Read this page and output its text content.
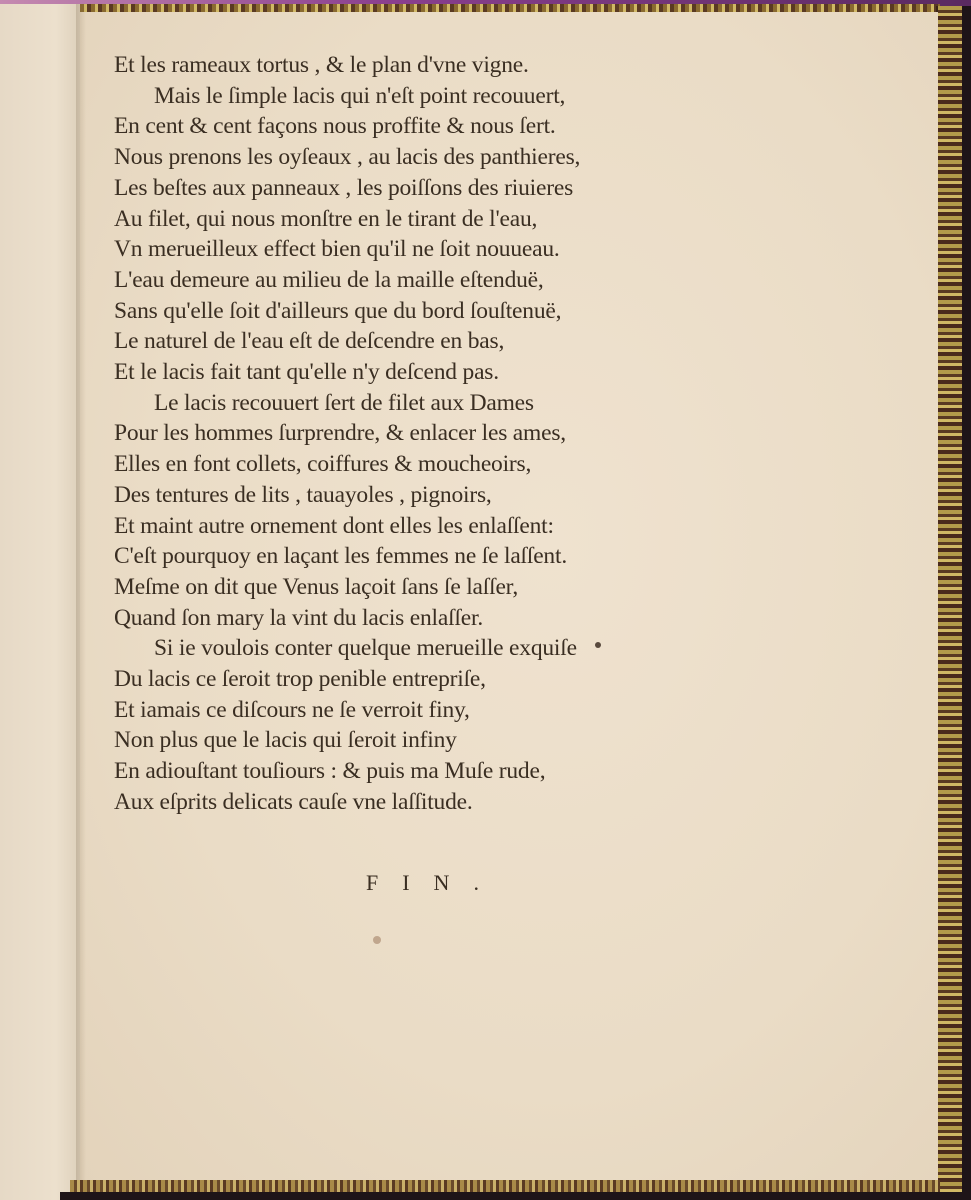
Et les rameaux tortus , & le plan d'vne vigne.
Mais le ſimple lacis qui n'eſt point recouuert,
En cent & cent façons nous proffite & nous ſert.
Nous prenons les oyſeaux , au lacis des panthieres,
Les beſtes aux panneaux , les poiſſons des riuieres
Au filet, qui nous monſtre en le tirant de l'eau,
Vn merueilleux effect bien qu'il ne ſoit nouueau.
L'eau demeure au milieu de la maille eſtenduë,
Sans qu'elle ſoit d'ailleurs que du bord ſouſtenuë,
Le naturel de l'eau eſt de deſcendre en bas,
Et le lacis fait tant qu'elle n'y deſcend pas.
Le lacis recouuert ſert de filet aux Dames
Pour les hommes ſurprendre, & enlacer les ames,
Elles en font collets, coiffures & moucheoirs,
Des tentures de lits , tauayoles , pignoirs,
Et maint autre ornement dont elles les enlaſſent:
C'eſt pourquoy en laçant les femmes ne ſe laſſent.
Meſme on dit que Venus laçoit ſans ſe laſſer,
Quand ſon mary la vint du lacis enlaſſer.
Si ie voulois conter quelque merueille exquiſe
Du lacis ce ſeroit trop penible entrepriſe,
Et iamais ce diſcours ne ſe verroit finy,
Non plus que le lacis qui ſeroit infiny
En adiouſtant touſiours : & puis ma Muſe rude,
Aux eſprits delicats cauſe vne laſſitude.
FIN.
